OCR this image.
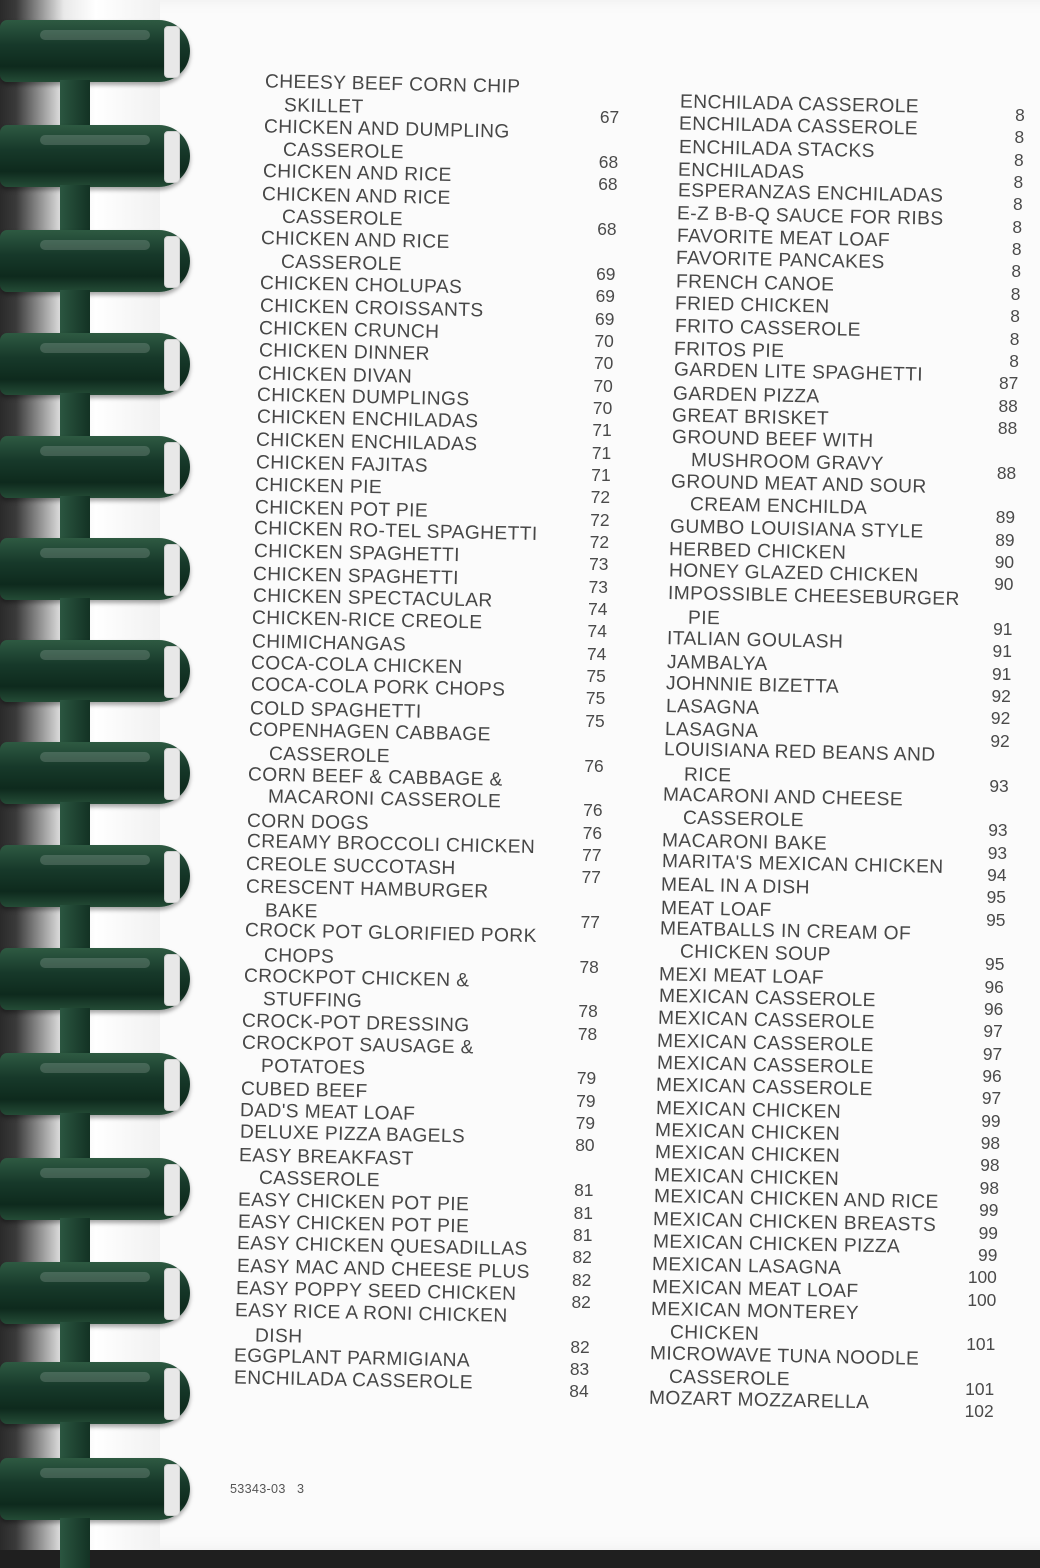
CHEESY BEEF CORN CHIP
SKILLET	67
CHICKEN AND DUMPLING
CASSEROLE	68
CHICKEN AND RICE	68
CHICKEN AND RICE
CASSEROLE	68
CHICKEN AND RICE
CASSEROLE	69
CHICKEN CHOLUPAS	69
CHICKEN CROISSANTS	69
CHICKEN CRUNCH	70
CHICKEN DINNER	70
CHICKEN DIVAN	70
CHICKEN DUMPLINGS	70
CHICKEN ENCHILADAS	71
CHICKEN ENCHILADAS	71
CHICKEN FAJITAS	71
CHICKEN PIE	72
CHICKEN POT PIE	72
CHICKEN RO-TEL SPAGHETTI	72
CHICKEN SPAGHETTI	73
CHICKEN SPAGHETTI	73
CHICKEN SPECTACULAR	74
CHICKEN-RICE CREOLE	74
CHIMICHANGAS	74
COCA-COLA CHICKEN	75
COCA-COLA PORK CHOPS	75
COLD SPAGHETTI	75
COPENHAGEN CABBAGE
CASSEROLE	76
CORN BEEF & CABBAGE &
MACARONI CASSEROLE	76
CORN DOGS	76
CREAMY BROCCOLI CHICKEN	77
CREOLE SUCCOTASH	77
CRESCENT HAMBURGER
BAKE	77
CROCK POT GLORIFIED PORK
CHOPS	78
CROCKPOT CHICKEN &
STUFFING	78
CROCK-POT DRESSING	78
CROCKPOT SAUSAGE &
POTATOES	79
CUBED BEEF	79
DAD'S MEAT LOAF	79
DELUXE PIZZA BAGELS	80
EASY BREAKFAST
CASSEROLE	81
EASY CHICKEN POT PIE	81
EASY CHICKEN POT PIE	81
EASY CHICKEN QUESADILLAS	82
EASY MAC AND CHEESE PLUS	82
EASY POPPY SEED CHICKEN	82
EASY RICE A RONI CHICKEN
DISH	82
EGGPLANT PARMIGIANA	83
ENCHILADA CASSEROLE	84
ENCHILADA CASSEROLE	8
ENCHILADA CASSEROLE	8
ENCHILADA STACKS	8
ENCHILADAS	8
ESPERANZAS ENCHILADAS	8
E-Z B-B-Q SAUCE FOR RIBS	8
FAVORITE MEAT LOAF	8
FAVORITE PANCAKES	8
FRENCH CANOE	8
FRIED CHICKEN	8
FRITO CASSEROLE	8
FRITOS PIE	8
GARDEN LITE SPAGHETTI	87
GARDEN PIZZA	88
GREAT BRISKET	88
GROUND BEEF WITH
MUSHROOM GRAVY	88
GROUND MEAT AND SOUR
CREAM ENCHILDA	89
GUMBO LOUISIANA STYLE	89
HERBED CHICKEN	90
HONEY GLAZED CHICKEN	90
IMPOSSIBLE CHEESEBURGER
PIE	91
ITALIAN GOULASH	91
JAMBALYA	91
JOHNNIE BIZETTA	92
LASAGNA	92
LASAGNA	92
LOUISIANA RED BEANS AND
RICE	93
MACARONI AND CHEESE
CASSEROLE	93
MACARONI BAKE	93
MARITA'S MEXICAN CHICKEN	94
MEAL IN A DISH	95
MEAT LOAF	95
MEATBALLS IN CREAM OF
CHICKEN SOUP	95
MEXI MEAT LOAF	96
MEXICAN CASSEROLE	96
MEXICAN CASSEROLE	97
MEXICAN CASSEROLE	97
MEXICAN CASSEROLE	96
MEXICAN CASSEROLE	97
MEXICAN CHICKEN	99
MEXICAN CHICKEN	98
MEXICAN CHICKEN	98
MEXICAN CHICKEN	98
MEXICAN CHICKEN AND RICE	99
MEXICAN CHICKEN BREASTS	99
MEXICAN CHICKEN PIZZA	99
MEXICAN LASAGNA	100
MEXICAN MEAT LOAF	100
MEXICAN MONTEREY
CHICKEN	101
MICROWAVE TUNA NOODLE
CASSEROLE	101
MOZART MOZZARELLA	102
53343-03 3
